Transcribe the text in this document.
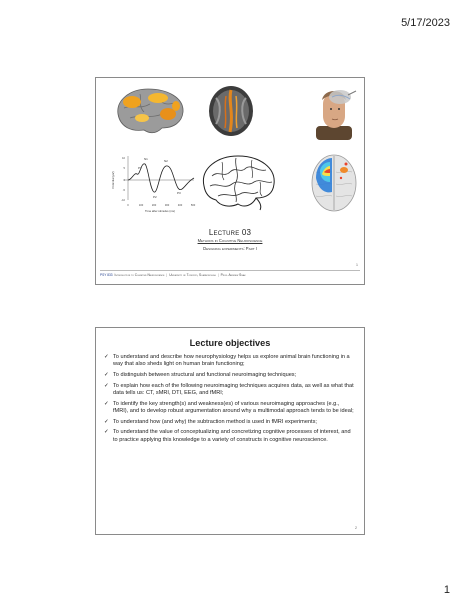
5/17/2023
P1
N1
P2
N2
P3
10
5
0
-5
-10
0	100	200	300	400	500
Time after stimulus (ms)
Potential (μV)
Lecture 03
Methods in Cognitive Neuroscience
Designing experiments: Part I
1
PSY 833 Introduction to Cognitive Neuroscience | University of Toronto, Scarborough | Prof. Andrew Sivak
Lecture objectives
✓ To understand and describe how neurophysiology helps us explore animal brain functioning in a way that also sheds light on human brain functioning;
✓ To distinguish between structural and functional neuroimaging techniques;
✓ To explain how each of the following neuroimaging techniques acquires data, as well as what that data tells us: CT, sMRI, DTI, EEG, and fMRI;
✓ To identify the key strength(s) and weakness(es) of various neuroimaging approaches (e.g., fMRI), and to develop robust argumentation around why a multimodal approach tends to be ideal;
✓ To understand how (and why) the subtraction method is used in fMRI experiments;
✓ To understand the value of conceptualizing and concretizing cognitive processes of interest, and to practice applying this knowledge to a variety of constructs in cognitive neuroscience.
2
1
